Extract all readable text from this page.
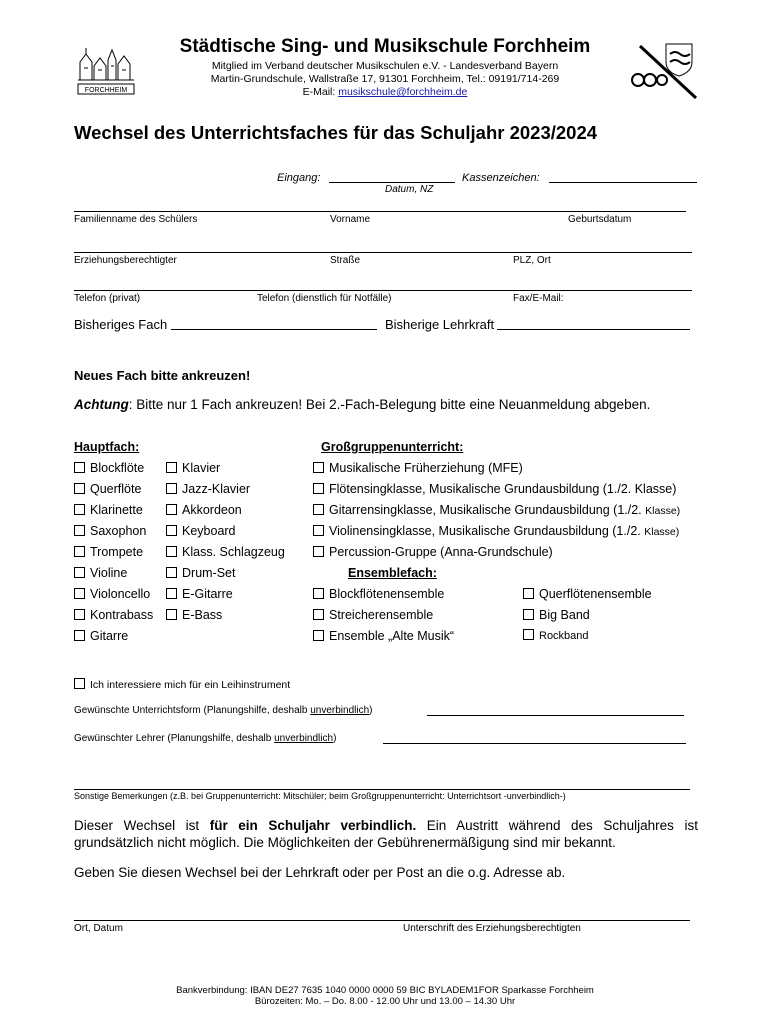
FORCHHEIM
Städtische Sing- und Musikschule Forchheim
Mitglied im Verband deutscher Musikschulen e.V. - Landesverband Bayern
Martin-Grundschule, Wallstraße 17, 91301 Forchheim, Tel.: 09191/714-269
E-Mail: musikschule@forchheim.de
Wechsel des Unterrichtsfaches für das Schuljahr 2023/2024
Eingang:	Kassenzeichen:
Datum, NZ
Familienname des Schülers	Vorname	Geburtsdatum
Erziehungsberechtigter	Straße	PLZ, Ort
Telefon (privat)	Telefon (dienstlich für Notfälle)	Fax/E-Mail:
Bisheriges Fach	Bisherige Lehrkraft
Neues Fach bitte ankreuzen!
Achtung: Bitte nur 1 Fach ankreuzen! Bei 2.-Fach-Belegung bitte eine Neuanmeldung abgeben.
Hauptfach:	Großgruppenunterricht:
Blockflöte
Querflöte
Klarinette
Saxophon
Trompete
Violine
Violoncello
Kontrabass
Gitarre
Klavier
Jazz-Klavier
Akkordeon
Keyboard
Klass. Schlagzeug
Drum-Set
E-Gitarre
E-Bass
Musikalische Früherziehung (MFE)
Flötensingklasse, Musikalische Grundausbildung (1./2. Klasse)
Gitarrensingklasse, Musikalische Grundausbildung (1./2. Klasse)
Violinensingklasse, Musikalische Grundausbildung (1./2. Klasse)
Percussion-Gruppe (Anna-Grundschule)
Ensemblefach:
Blockflötenensemble
Streicherensemble
Ensemble „Alte Musik“
Querflötenensemble
Big Band
Rockband
Ich interessiere mich für ein Leihinstrument
Gewünschte Unterrichtsform (Planungshilfe, deshalb unverbindlich)
Gewünschter Lehrer (Planungshilfe, deshalb unverbindlich)
Sonstige Bemerkungen (z.B. bei Gruppenunterricht: Mitschüler; beim Großgruppenunterricht: Unterrichtsort -unverbindlich-)
Dieser Wechsel ist für ein Schuljahr verbindlich. Ein Austritt während des Schuljahres ist grundsätzlich nicht möglich. Die Möglichkeiten der Gebührenermäßigung sind mir bekannt.
Geben Sie diesen Wechsel bei der Lehrkraft oder per Post an die o.g. Adresse ab.
Ort, Datum	Unterschrift des Erziehungsberechtigten
Bankverbindung: IBAN DE27 7635 1040 0000 0000 59 BIC BYLADEM1FOR Sparkasse Forchheim
Bürozeiten: Mo. – Do. 8.00 - 12.00 Uhr und 13.00 – 14.30 Uhr
